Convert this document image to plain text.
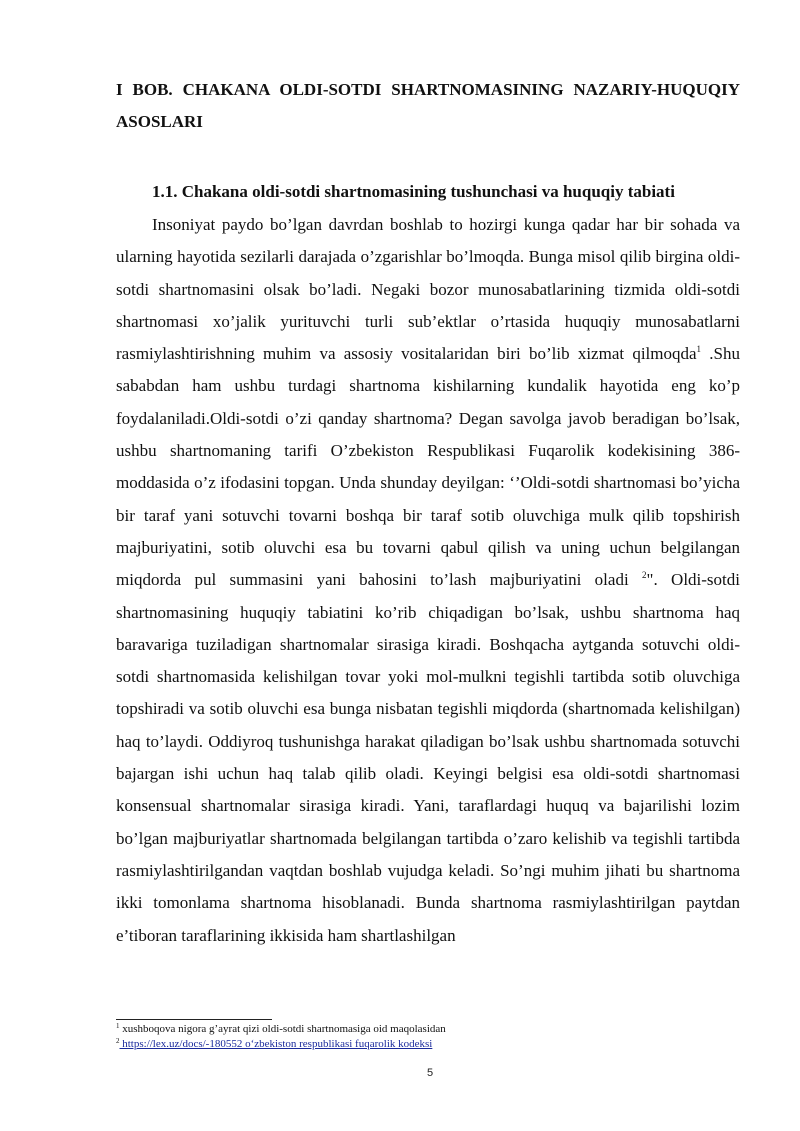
I BOB. CHAKANA OLDI-SOTDI SHARTNOMASINING NAZARIY-HUQUQIY ASOSLARI

1.1. Chakana oldi-sotdi shartnomasining tushunchasi va huquqiy tabiati

Insoniyat paydo bo’lgan davrdan boshlab to hozirgi kunga qadar har bir sohada va ularning hayotida sezilarli darajada o’zgarishlar bo’lmoqda. Bunga misol qilib birgina oldi-sotdi shartnomasini olsak bo’ladi. Negaki bozor munosabatlarining tizmida oldi-sotdi shartnomasi xo’jalik yurituvchi turli sub’ektlar o’rtasida huquqiy munosabatlarni rasmiylashtirishning muhim va assosiy vositalaridan biri bo’lib xizmat qilmoqda$^1$ .Shu sababdan ham ushbu turdagi shartnoma kishilarning kundalik hayotida eng ko’p foydalaniladi.Oldi-sotdi o’zi qanday shartnoma? Degan savolga javob beradigan bo’lsak, ushbu shartnomaning tarifi O’zbekiston Respublikasi Fuqarolik kodekisining 386-moddasida o’z ifodasini topgan. Unda shunday deyilgan: ‘’Oldi-sotdi shartnomasi bo’yicha bir taraf yani sotuvchi tovarni boshqa bir taraf sotib oluvchiga mulk qilib topshirish majburiyatini, sotib oluvchi esa bu tovarni qabul qilish va uning uchun belgilangan miqdorda pul summasini yani bahosini to’lash majburiyatini oladi $^2$". Oldi-sotdi shartnomasining huquqiy tabiatini ko’rib chiqadigan bo’lsak, ushbu shartnoma haq baravariga tuziladigan shartnomalar sirasiga kiradi. Boshqacha aytganda sotuvchi oldi-sotdi shartnomasida kelishilgan tovar yoki mol-mulkni tegishli tartibda sotib oluvchiga topshiradi va sotib oluvchi esa bunga nisbatan tegishli miqdorda (shartnomada kelishilgan) haq to’laydi. Oddiyroq tushunishga harakat qiladigan bo’lsak ushbu shartnomada sotuvchi bajargan ishi uchun haq talab qilib oladi. Keyingi belgisi esa oldi-sotdi shartnomasi konsensual shartnomalar sirasiga kiradi. Yani, taraflardagi huquq va bajarilishi lozim bo’lgan majburiyatlar shartnomada belgilangan tartibda o’zaro kelishib va tegishli tartibda rasmiylashtirilgandan vaqtdan boshlab vujudga keladi. So’ngi muhim jihati bu shartnoma ikki tomonlama shartnoma hisoblanadi. Bunda shartnoma rasmiylashtirilgan paytdan e’tiboran taraflarining ikkisida ham shartlashilgan

$^1$ xushboqova nigora g’ayrat qizi oldi-sotdi shartnomasiga oid maqolasidan

$^2$ https://lex.uz/docs/-180552 o‘zbekiston respublikasi fuqarolik kodeksi

5
